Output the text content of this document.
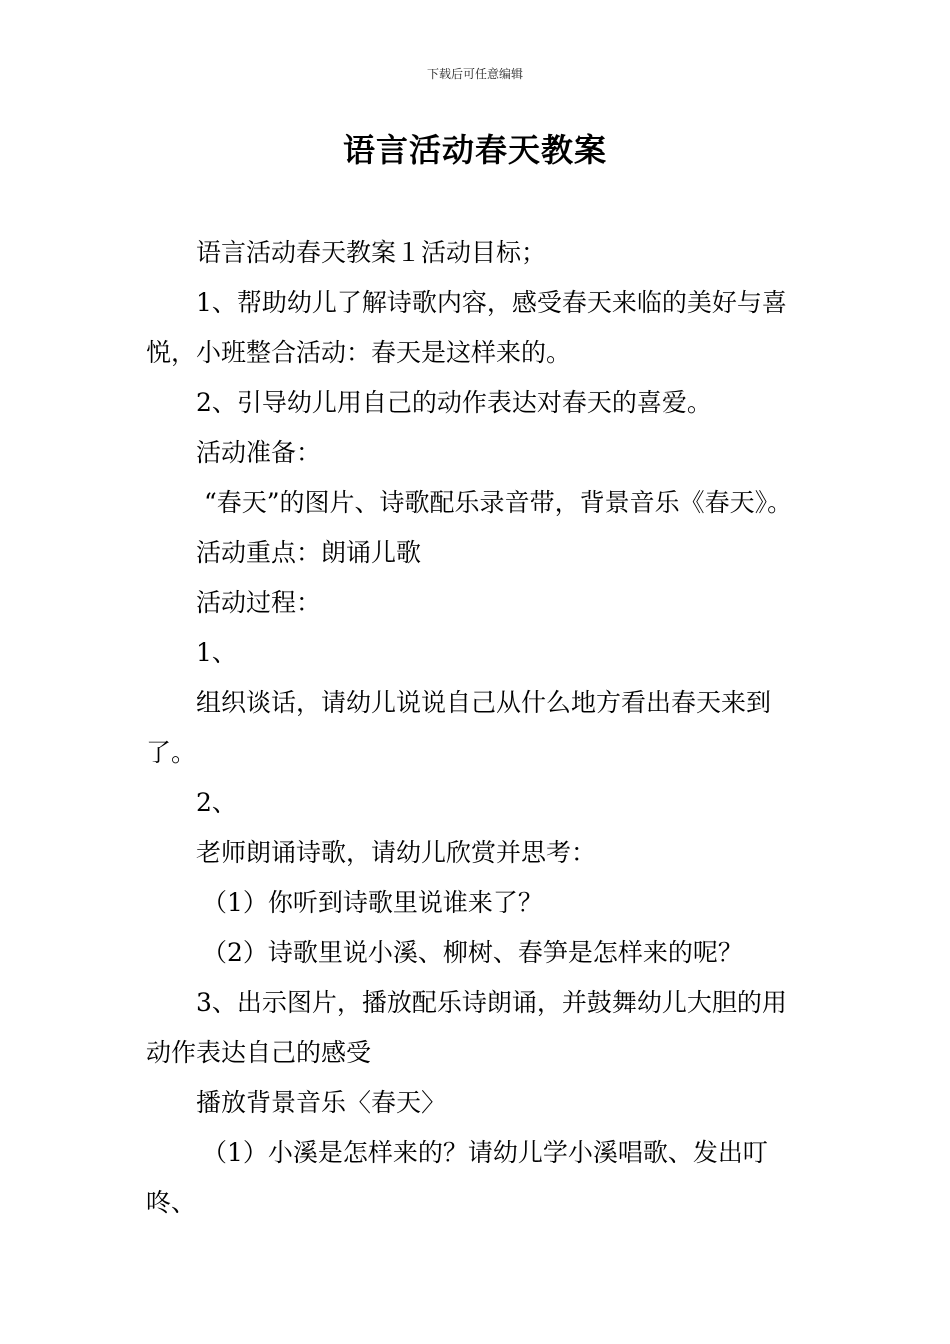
下载后可任意编辑
语言活动春天教案

语言活动春天教案１活动目标；

1、帮助幼儿了解诗歌内容，感受春天来临的美好与喜悦，小班整合活动：春天是这样来的。

2、引导幼儿用自己的动作表达对春天的喜爱。

活动准备：

“春天”的图片、诗歌配乐录音带，背景音乐《春天》。

活动重点：朗诵儿歌

活动过程：

1、

组织谈话，请幼儿说说自己从什么地方看出春天来到了。

2、

老师朗诵诗歌，请幼儿欣赏并思考：

（1）你听到诗歌里说谁来了？

（2）诗歌里说小溪、柳树、春笋是怎样来的呢？

3、出示图片，播放配乐诗朗诵，并鼓舞幼儿大胆的用动作表达自己的感受

播放背景音乐〈春天〉

（1）小溪是怎样来的？请幼儿学小溪唱歌、发出叮咚、
